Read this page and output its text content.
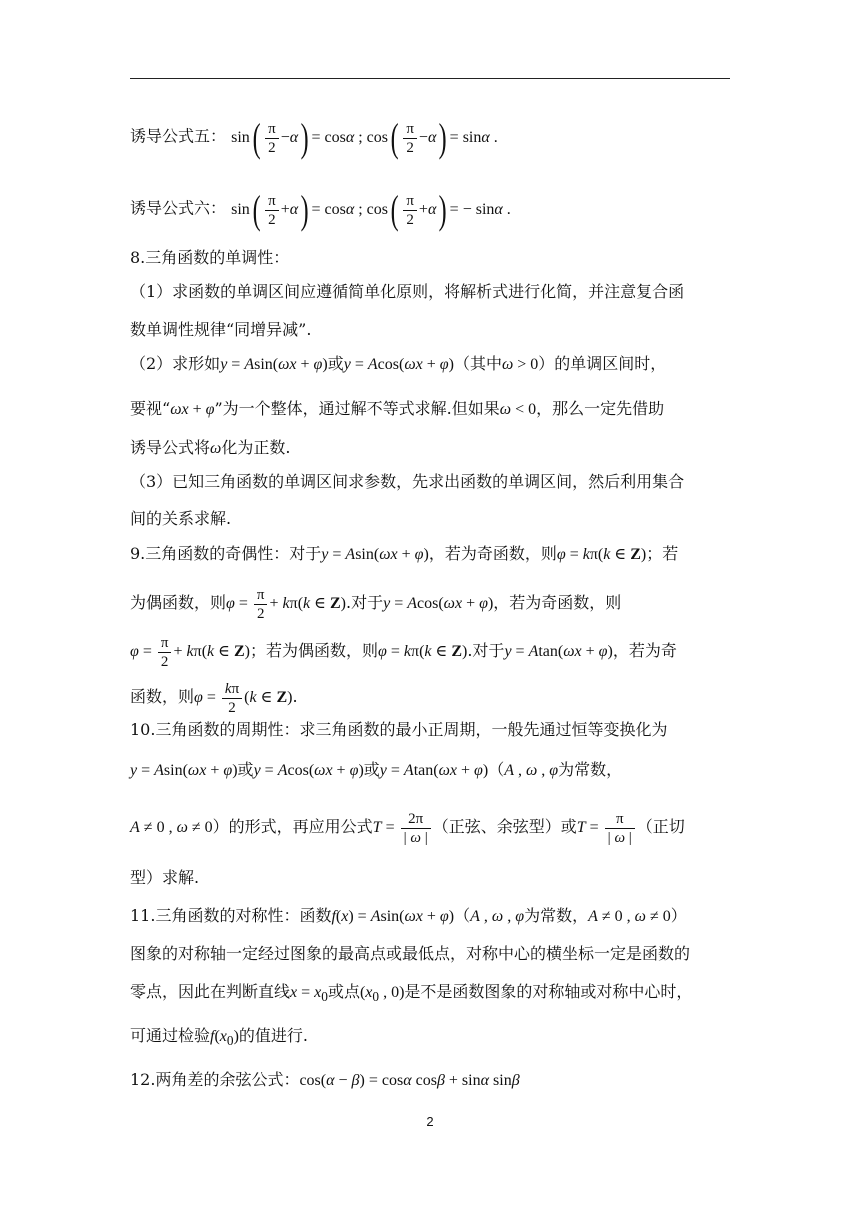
诱导公式五： $\sin( \frac{\pi}{2} -\alpha) = \cos\alpha$ ; $\cos( \frac{\pi}{2} -\alpha) = \sin\alpha$ .
诱导公式六： $\sin( \frac{\pi}{2} +\alpha) = \cos\alpha$ ; $\cos( \frac{\pi}{2} +\alpha)$ = − sinα .
8.三角函数的单调性：
（1）求函数的单调区间应遵循简单化原则，将解析式进行化简，并注意复合函
数单调性规律“同增异减”.
（2）求形如y = Asin(ωx + φ)或y = Acos(ωx + φ)（其中ω > 0）的单调区间时，
要视“ωx + φ”为一个整体，通过解不等式求解.但如果ω < 0，那么一定先借助
诱导公式将ω化为正数.
（3）已知三角函数的单调区间求参数，先求出函数的单调区间，然后利用集合
间的关系求解.
9.三角函数的奇偶性：对于y = Asin(ωx + φ)，若为奇函数，则φ = kπ(k ∈ Z)；若
为偶函数，则$\varphi = \frac{\pi}{2} + k\pi(k$ ∈ Z).对于y = Acos(ωx + φ)，若为奇函数，则
$\varphi = \frac{\pi}{2} + k\pi(k$ ∈ Z)；若为偶函数，则φ = kπ(k ∈ Z).对于y = Atan(ωx + φ)，若为奇
函数，则$\varphi = \frac{k\pi}{2} (k$ ∈ Z).
10.三角函数的周期性：求三角函数的最小正周期，一般先通过恒等变换化为
y = Asin(ωx + φ)或y = Acos(ωx + φ)或y = Atan(ωx + φ)（A , ω , φ为常数，
A ≠ 0 , ω ≠ 0）的形式，再应用公式$T = \frac{2\pi}{| \omega |}$ （正弦、余弦型）或$T = \frac{\pi}{| \omega |}$ （正切
型）求解.
11.三角函数的对称性：函数f(x) = Asin(ωx + φ)（A , ω , φ为常数，A ≠ 0 , ω ≠ 0）
图象的对称轴一定经过图象的最高点或最低点，对称中心的横坐标一定是函数的
零点，因此在判断直线$x = x_0$或点($x_0$ , 0)是不是函数图象的对称轴或对称中心时，
可通过检验$f(x_0)$的值进行.
12.两角差的余弦公式：cos(α − β) = cosα cosβ + sinα sinβ
2
